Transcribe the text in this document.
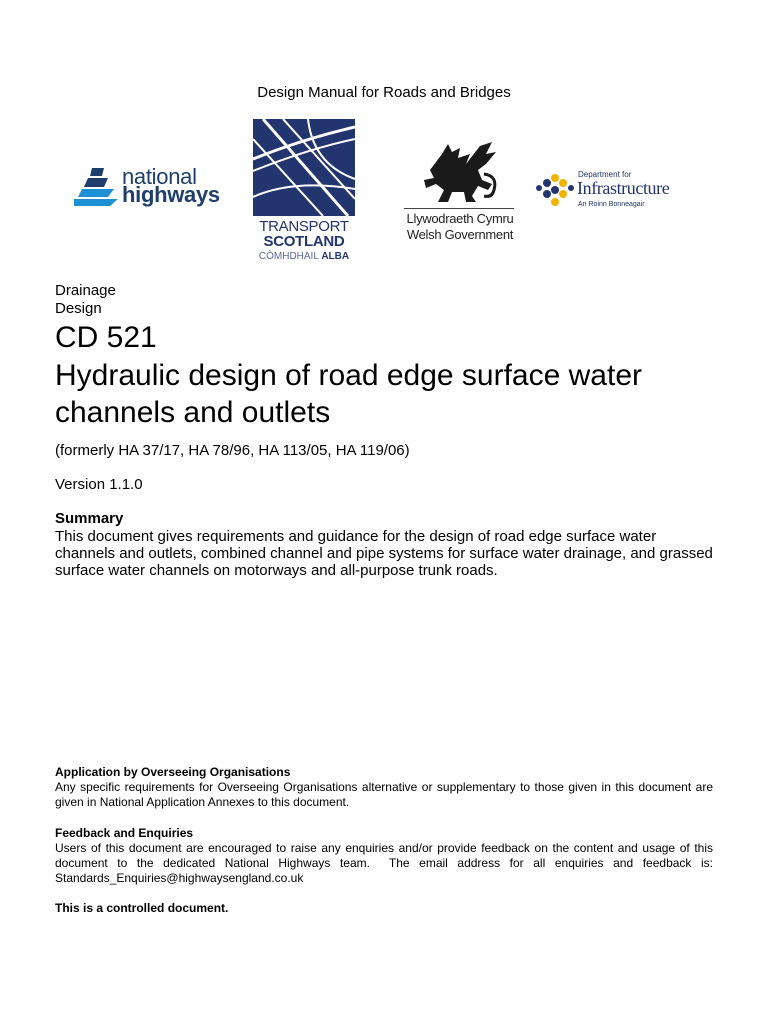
Design Manual for Roads and Bridges
national
highways
TRANSPORT
SCOTLAND
CÒMHDHAIL ALBA
Llywodraeth Cymru
Welsh Government
Department for
Infrastructure
An Roinn Bonneagair
Drainage
Design
CD 521
Hydraulic design of road edge surface water channels and outlets
(formerly HA 37/17, HA 78/96, HA 113/05, HA 119/06)
Version 1.1.0
Summary
This document gives requirements and guidance for the design of road edge surface water channels and outlets, combined channel and pipe systems for surface water drainage, and grassed surface water channels on motorways and all-purpose trunk roads.
Application by Overseeing Organisations
Any specific requirements for Overseeing Organisations alternative or supplementary to those given in this document are given in National Application Annexes to this document.
Feedback and Enquiries
Users of this document are encouraged to raise any enquiries and/or provide feedback on the content and usage of this document to the dedicated National Highways team.  The email address for all enquiries and feedback is: Standards_Enquiries@highwaysengland.co.uk
This is a controlled document.
